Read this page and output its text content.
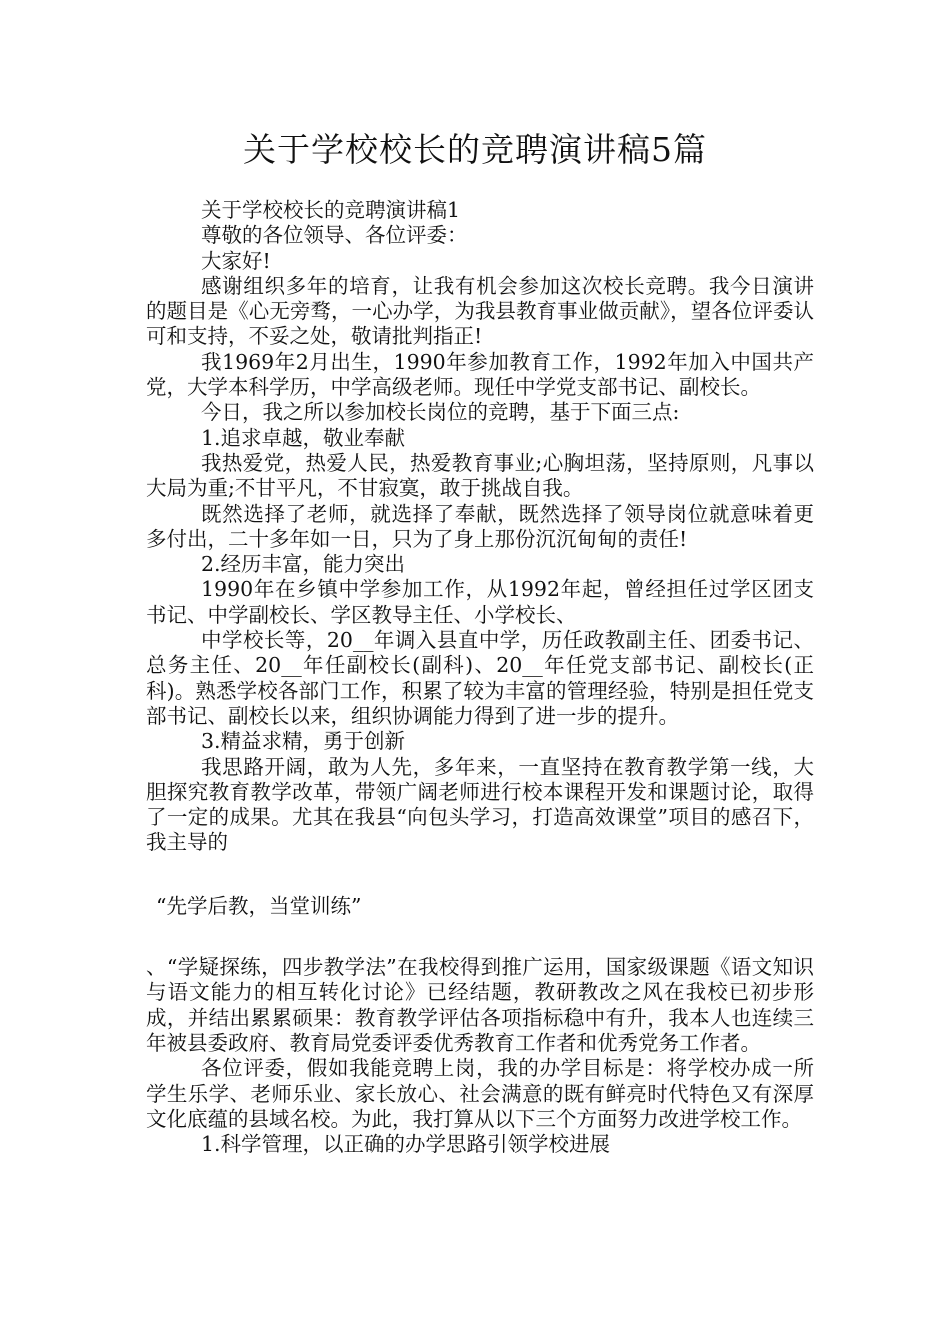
关于学校校长的竞聘演讲稿5篇

关于学校校长的竞聘演讲稿1

尊敬的各位领导、各位评委：

大家好!

感谢组织多年的培育，让我有机会参加这次校长竞聘。我今日演讲的题目是《心无旁骛，一心办学，为我县教育事业做贡献》，望各位评委认可和支持，不妥之处，敬请批判指正!

我1969年2月出生，1990年参加教育工作，1992年加入中国共产党，大学本科学历，中学高级老师。现任中学党支部书记、副校长。

今日，我之所以参加校长岗位的竞聘，基于下面三点:

1.追求卓越，敬业奉献

我热爱党，热爱人民，热爱教育事业;心胸坦荡，坚持原则，凡事以大局为重;不甘平凡，不甘寂寞，敢于挑战自我。

既然选择了老师，就选择了奉献，既然选择了领导岗位就意味着更多付出，二十多年如一日，只为了身上那份沉沉甸甸的责任!

2.经历丰富，能力突出

1990年在乡镇中学参加工作，从1992年起，曾经担任过学区团支书记、中学副校长、学区教导主任、小学校长、

中学校长等，20__年调入县直中学，历任政教副主任、团委书记、总务主任、20__年任副校长(副科)、20__年任党支部书记、副校长(正科)。熟悉学校各部门工作，积累了较为丰富的管理经验，特别是担任党支部书记、副校长以来，组织协调能力得到了进一步的提升。

3.精益求精，勇于创新

我思路开阔，敢为人先，多年来，一直坚持在教育教学第一线，大胆探究教育教学改革，带领广阔老师进行校本课程开发和课题讨论，取得了一定的成果。尤其在我县“向包头学习，打造高效课堂”项目的感召下，我主导的

“先学后教，当堂训练”

、“学疑探练，四步教学法”在我校得到推广运用，国家级课题《语文知识与语文能力的相互转化讨论》已经结题，教研教改之风在我校已初步形成，并结出累累硕果：教育教学评估各项指标稳中有升，我本人也连续三年被县委政府、教育局党委评委优秀教育工作者和优秀党务工作者。

各位评委，假如我能竞聘上岗，我的办学目标是：将学校办成一所学生乐学、老师乐业、家长放心、社会满意的既有鲜亮时代特色又有深厚文化底蕴的县域名校。为此，我打算从以下三个方面努力改进学校工作。

1.科学管理，以正确的办学思路引领学校进展
